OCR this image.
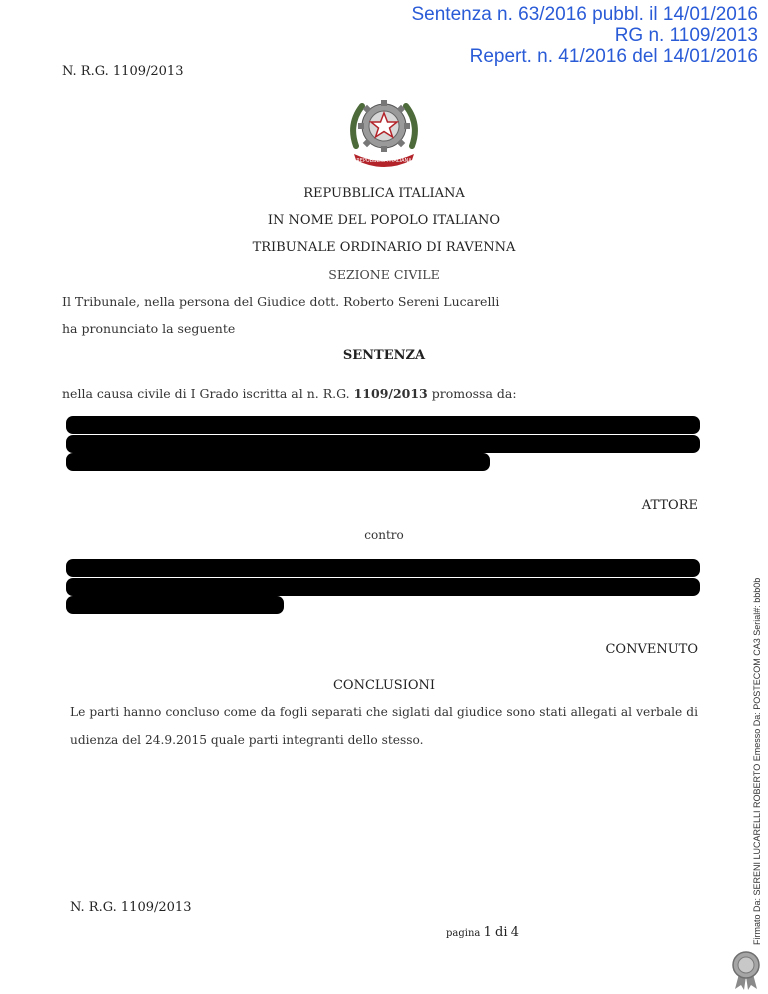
Sentenza n. 63/2016 pubbl. il 14/01/2016
RG n. 1109/2013
Repert. n. 41/2016 del 14/01/2016
N. R.G. 1109/2013
REPUBBLICA ITALIANA
REPUBBLICA ITALIANA
IN NOME DEL POPOLO ITALIANO
TRIBUNALE ORDINARIO DI RAVENNA
SEZIONE CIVILE
Il Tribunale, nella persona del Giudice dott. Roberto Sereni Lucarelli
ha pronunciato la seguente
SENTENZA
nella causa civile di I Grado iscritta al n. R.G. 1109/2013 promossa da:
ATTORE
contro
CONVENUTO
CONCLUSIONI
Le parti hanno concluso come da fogli separati che siglati dal giudice sono stati allegati al verbale di
udienza del 24.9.2015 quale parti integranti dello stesso.
N. R.G. 1109/2013
pagina 1 di 4	Firmato Da: SERENI LUCARELLI ROBERTO Emesso Da: POSTECOM CA3 Serial#: bbb0b
